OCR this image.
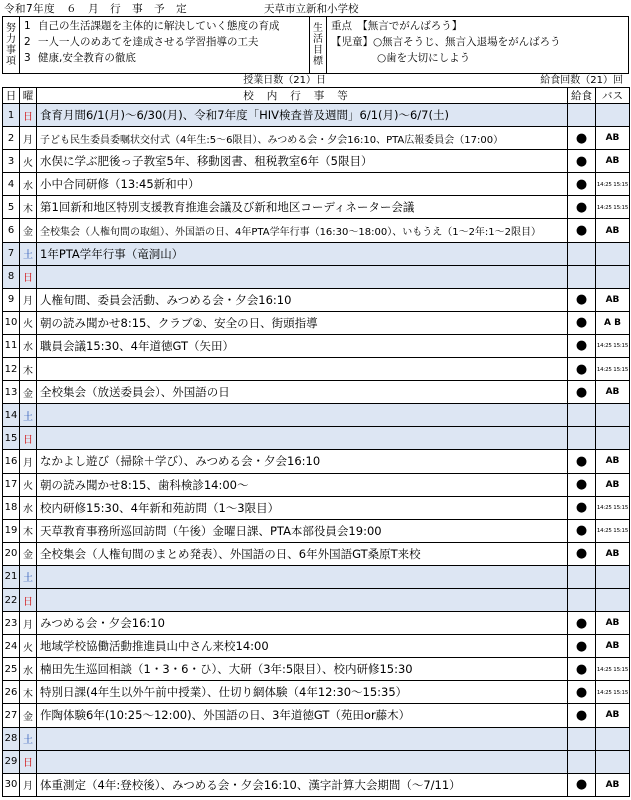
令和7年度　６　月　行　事　予　定	天草市立新和小学校
努
力
事
項
1 自己の生活課題を主体的に解決していく態度の育成
2 一人一人のめあてを達成させる学習指導の工夫
3 健康,安全教育の徹底
生
活
目
標
重点　【無言でがんばろう】
【児童】○無言そうじ、無言入退場をがんばろう
○歯を大切にしよう
授業日数（21）日	給食回数（21）回
日	曜	校内行事等	給食	バス
1	日	食育月間6/1(月)～6/30(月)、令和7年度「HIV検査普及週間」6/1(月)～6/7(土)		
2	月	子ども民生委員委嘱状交付式（4年生:5～6限目）、みつめる会・夕会16:10、PTA広報委員会（17:00）	●	AB
3	火	水俣に学ぶ肥後っ子教室5年、移動図書、租税教室6年（5限目）	●	AB
4	水	小中合同研修（13:45新和中）	●	14:25 15:15
5	木	第1回新和地区特別支援教育推進会議及び新和地区コーディネーター会議	●	14:25 15:15
6	金	全校集会（人権旬間の取組）、外国語の日、4年PTA学年行事（16:30～18:00）、いもうえ（1～2年:1～2限目）	●	AB
7	土	1年PTA学年行事（竜洞山）		
8	日			
9	月	人権旬間、委員会活動、みつめる会・夕会16:10	●	AB
10	火	朝の読み聞かせ8:15、クラブ②、安全の日、街頭指導	●	A B
11	水	職員会議15:30、4年道徳GT（矢田）	●	14:25 15:15
12	木		●	14:25 15:15
13	金	全校集会（放送委員会）、外国語の日	●	AB
14	土			
15	日			
16	月	なかよし遊び（掃除＋学び）、みつめる会・夕会16:10	●	AB
17	火	朝の読み聞かせ8:15、歯科検診14:00～	●	AB
18	水	校内研修15:30、4年新和苑訪問（1～3限目）	●	14:25 15:15
19	木	天草教育事務所巡回訪問（午後）金曜日課、PTA本部役員会19:00	●	14:25 15:15
20	金	全校集会（人権旬間のまとめ発表）、外国語の日、6年外国語GT桑原T来校	●	AB
21	土			
22	日			
23	月	みつめる会・夕会16:10	●	AB
24	火	地域学校協働活動推進員山中さん来校14:00	●	AB
25	水	楠田先生巡回相談（1・3・6・ひ）、大研（3年:5限目）、校内研修15:30	●	14:25 15:15
26	木	特別日課(4年生以外午前中授業）、仕切り網体験（4年12:30～15:35）	●	14:25 15:15
27	金	作陶体験6年(10:25～12:00)、外国語の日、3年道徳GT（苑田or藤木）	●	AB
28	土			
29	日			
30	月	体重測定（4年:登校後）、みつめる会・夕会16:10、漢字計算大会期間（～7/11）	●	AB
